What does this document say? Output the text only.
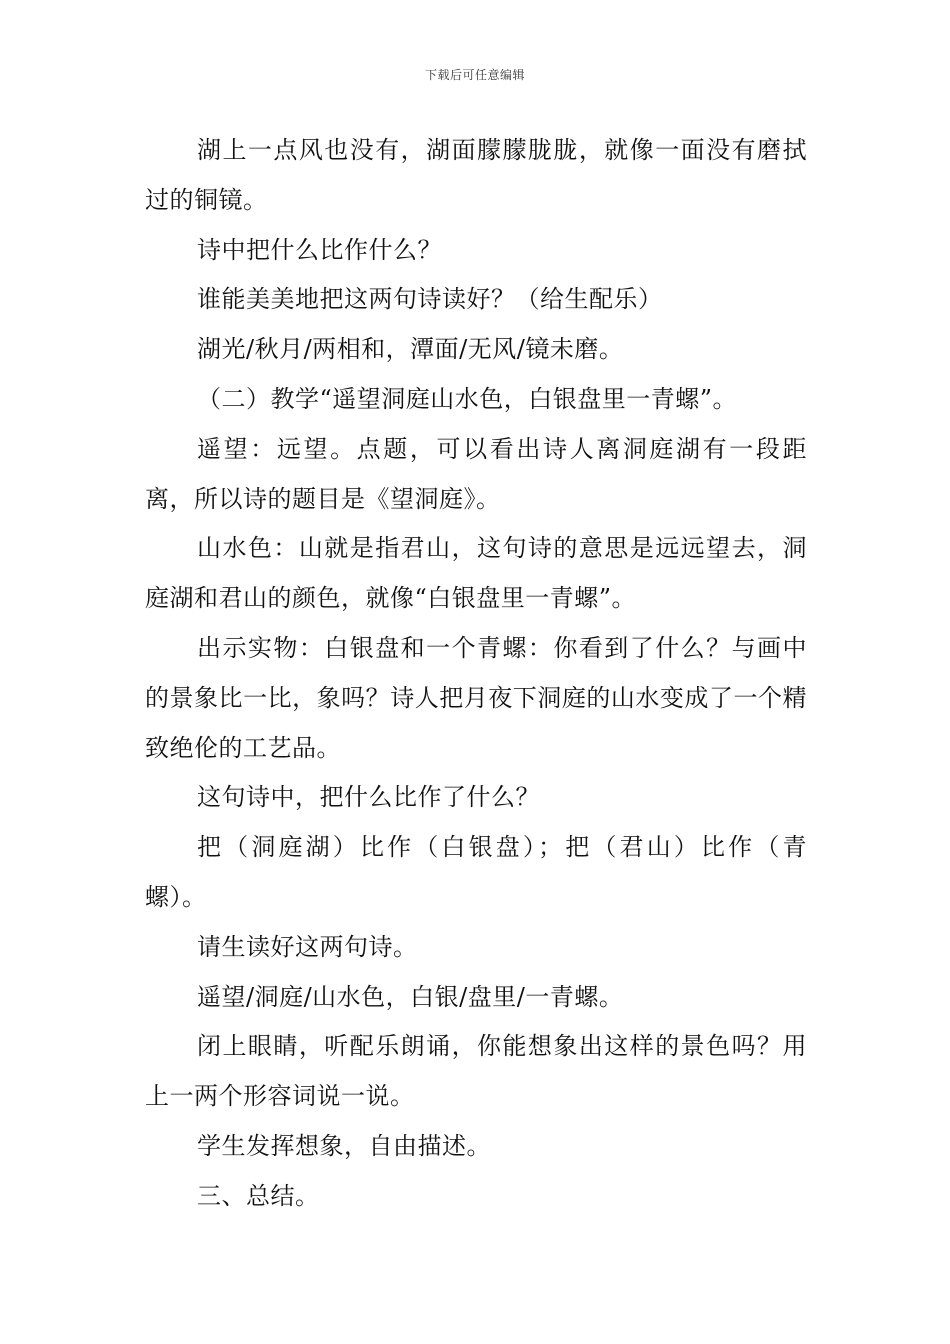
下载后可任意编辑

湖上一点风也没有，湖面朦朦胧胧，就像一面没有磨拭过的铜镜。

诗中把什么比作什么？

谁能美美地把这两句诗读好？（给生配乐）

湖光/秋月/两相和，潭面/无风/镜未磨。

（二）教学“遥望洞庭山水色，白银盘里一青螺”。

遥望：远望。点题，可以看出诗人离洞庭湖有一段距离，所以诗的题目是《望洞庭》。

山水色：山就是指君山，这句诗的意思是远远望去，洞庭湖和君山的颜色，就像“白银盘里一青螺”。

出示实物：白银盘和一个青螺：你看到了什么？与画中的景象比一比，象吗？诗人把月夜下洞庭的山水变成了一个精致绝伦的工艺品。

这句诗中，把什么比作了什么？

把（洞庭湖）比作（白银盘）；把（君山）比作（青螺）。

请生读好这两句诗。

遥望/洞庭/山水色，白银/盘里/一青螺。

闭上眼睛，听配乐朗诵，你能想象出这样的景色吗？用上一两个形容词说一说。

学生发挥想象，自由描述。

三、总结。
